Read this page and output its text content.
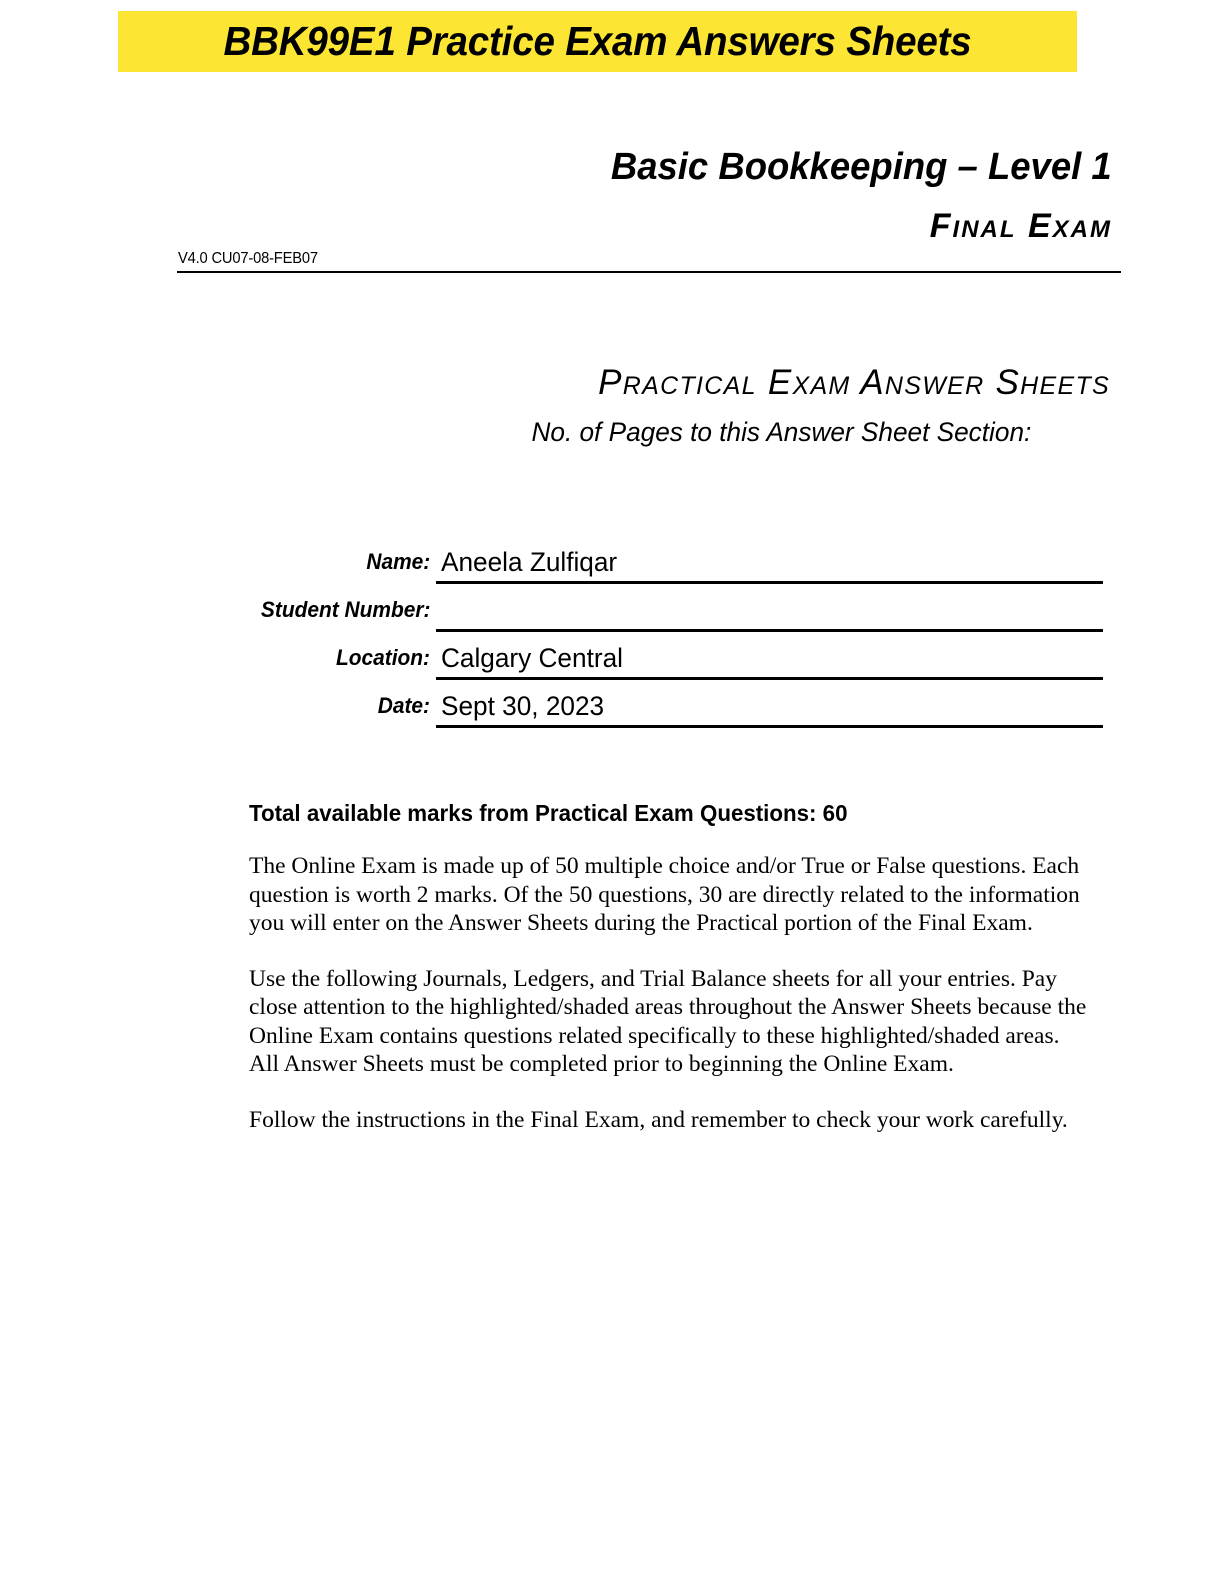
BBK99E1 Practice Exam Answers Sheets
Basic Bookkeeping – Level 1
Final Exam
V4.0 CU07-08-FEB07
Practical Exam Answer Sheets
No. of Pages to this Answer Sheet Section:
Name: Aneela Zulfiqar
Student Number:
Location: Calgary Central
Date: Sept 30, 2023
Total available marks from Practical Exam Questions: 60

The Online Exam is made up of 50 multiple choice and/or True or False questions. Each question is worth 2 marks. Of the 50 questions, 30 are directly related to the information you will enter on the Answer Sheets during the Practical portion of the Final Exam.

Use the following Journals, Ledgers, and Trial Balance sheets for all your entries. Pay close attention to the highlighted/shaded areas throughout the Answer Sheets because the Online Exam contains questions related specifically to these highlighted/shaded areas. All Answer Sheets must be completed prior to beginning the Online Exam.

Follow the instructions in the Final Exam, and remember to check your work carefully.
